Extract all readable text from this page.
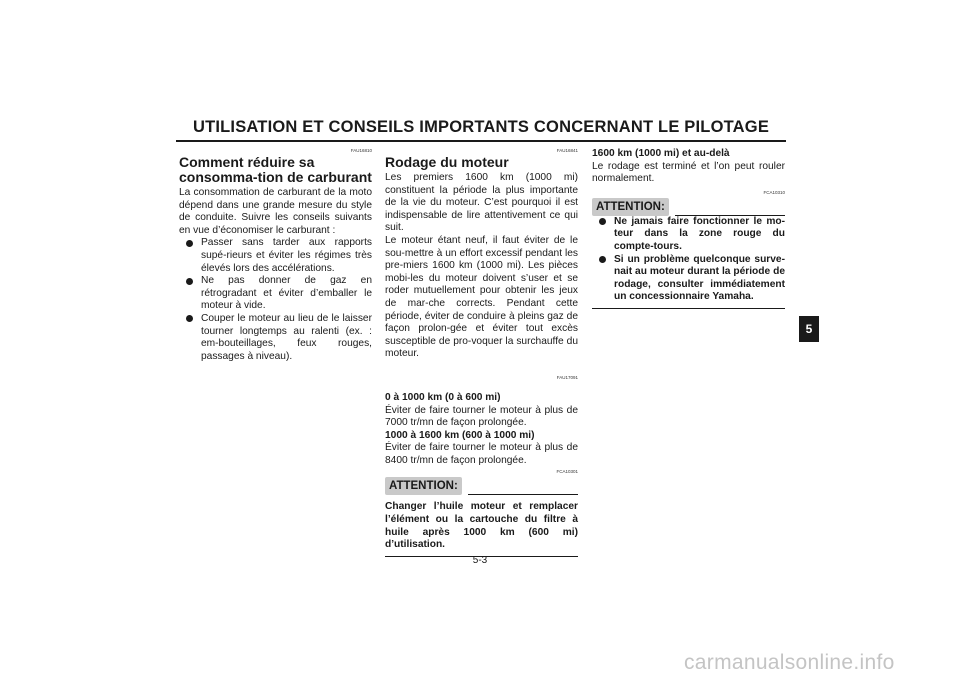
UTILISATION ET CONSEILS IMPORTANTS CONCERNANT LE PILOTAGE
FAU16810
Comment réduire sa consomma-tion de carburant

La consommation de carburant de la moto dépend dans une grande mesure du style de conduite. Suivre les conseils suivants en vue d’économiser le carburant :

Passer sans tarder aux rapports supé-rieurs et éviter les régimes très élevés lors des accélérations.
Ne pas donner de gaz en rétrogradant et éviter d’emballer le moteur à vide.
Couper le moteur au lieu de le laisser tourner longtemps au ralenti (ex. : em-bouteillages, feux rouges, passages à niveau).
FAU16841
Rodage du moteur

Les premiers 1600 km (1000 mi) constituent la période la plus importante de la vie du moteur. C’est pourquoi il est indispensable de lire attentivement ce qui suit.

Le moteur étant neuf, il faut éviter de le sou-mettre à un effort excessif pendant les pre-miers 1600 km (1000 mi). Les pièces mobi-les du moteur doivent s’user et se roder mutuellement pour obtenir les jeux de mar-che corrects. Pendant cette période, éviter de conduire à pleins gaz de façon prolon-gée et éviter tout excès susceptible de pro-voquer la surchauffe du moteur.

FAU17091
0 à 1000 km (0 à 600 mi)

Éviter de faire tourner le moteur à plus de 7000 tr/mn de façon prolongée.

1000 à 1600 km (600 à 1000 mi)

Éviter de faire tourner le moteur à plus de 8400 tr/mn de façon prolongée.

FCA10301
ATTENTION:
Changer l’huile moteur et remplacer l’élément ou la cartouche du filtre à huile après 1000 km (600 mi) d’utilisation.
1600 km (1000 mi) et au-delà

Le rodage est terminé et l’on peut rouler normalement.

FCA10310
ATTENTION:
Ne jamais faire fonctionner le mo-teur dans la zone rouge du compte-tours.
Si un problème quelconque surve-nait au moteur durant la période de rodage, consulter immédiatement un concessionnaire Yamaha.
5
5-3
carmanualsonline.info
